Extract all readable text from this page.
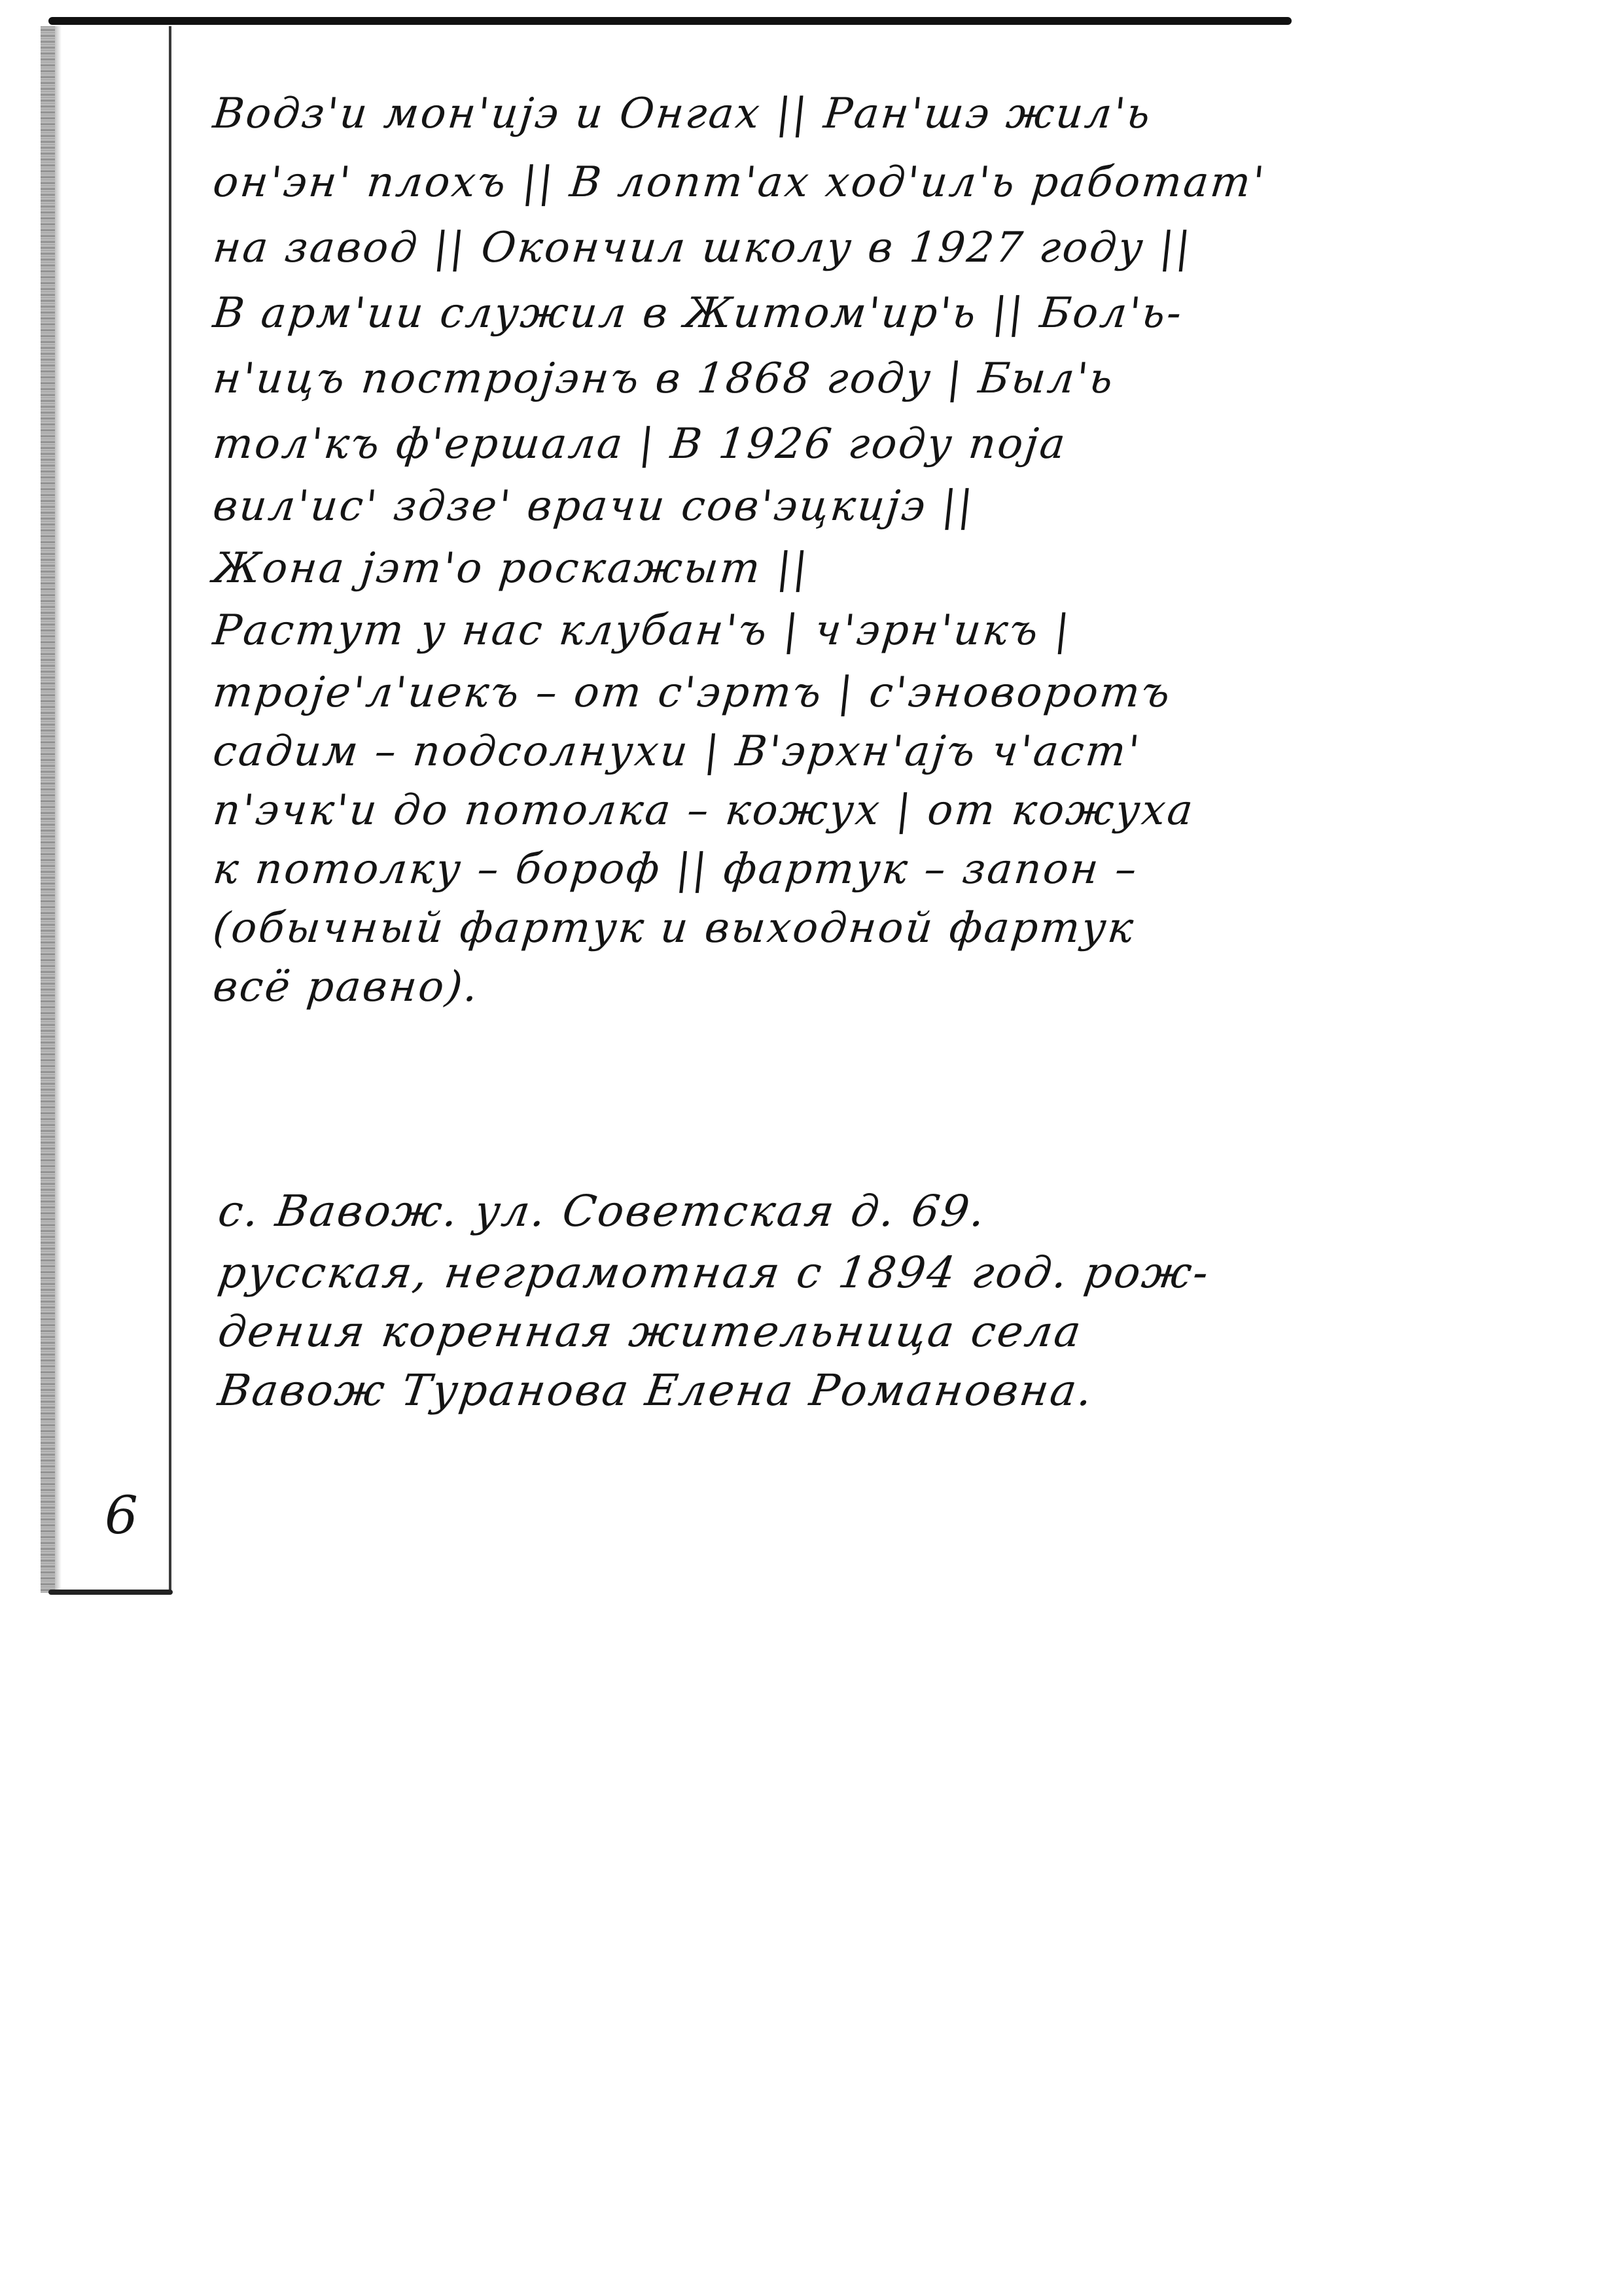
Водз'и мон'ијэ и Онгах || Ран'шэ жил'ь
он'эн' плохъ || В лопт'ах ход'ил'ь работат'
на завод || Окончил школу в 1927 году ||
В арм'ии служил в Житом'ир'ь || Бол'ь-
н'ицъ постројэнъ в 1868 году | Был'ь
тол'къ ф'ершала | В 1926 году поја
вил'ис' здзе' врачи сов'эцкијэ ||
Жона јэт'о роскажыт ||
Растут у нас клубан'ъ | ч'эрн'икъ |
троје'л'иекъ – от с'эртъ | с'эноворотъ
садим – подсолнухи | В'эрхн'ајъ ч'аст'
п'эчк'и до потолка – кожух | от кожуха
к потолку – бороф || фартук – запон –
(обычный фартук и выходной фартук
всё равно).
с. Вавож. ул. Советская д. 69.
русская, неграмотная с 1894 год. рож-
дения коренная жительница села
Вавож Туранова Елена Романовна.
6
